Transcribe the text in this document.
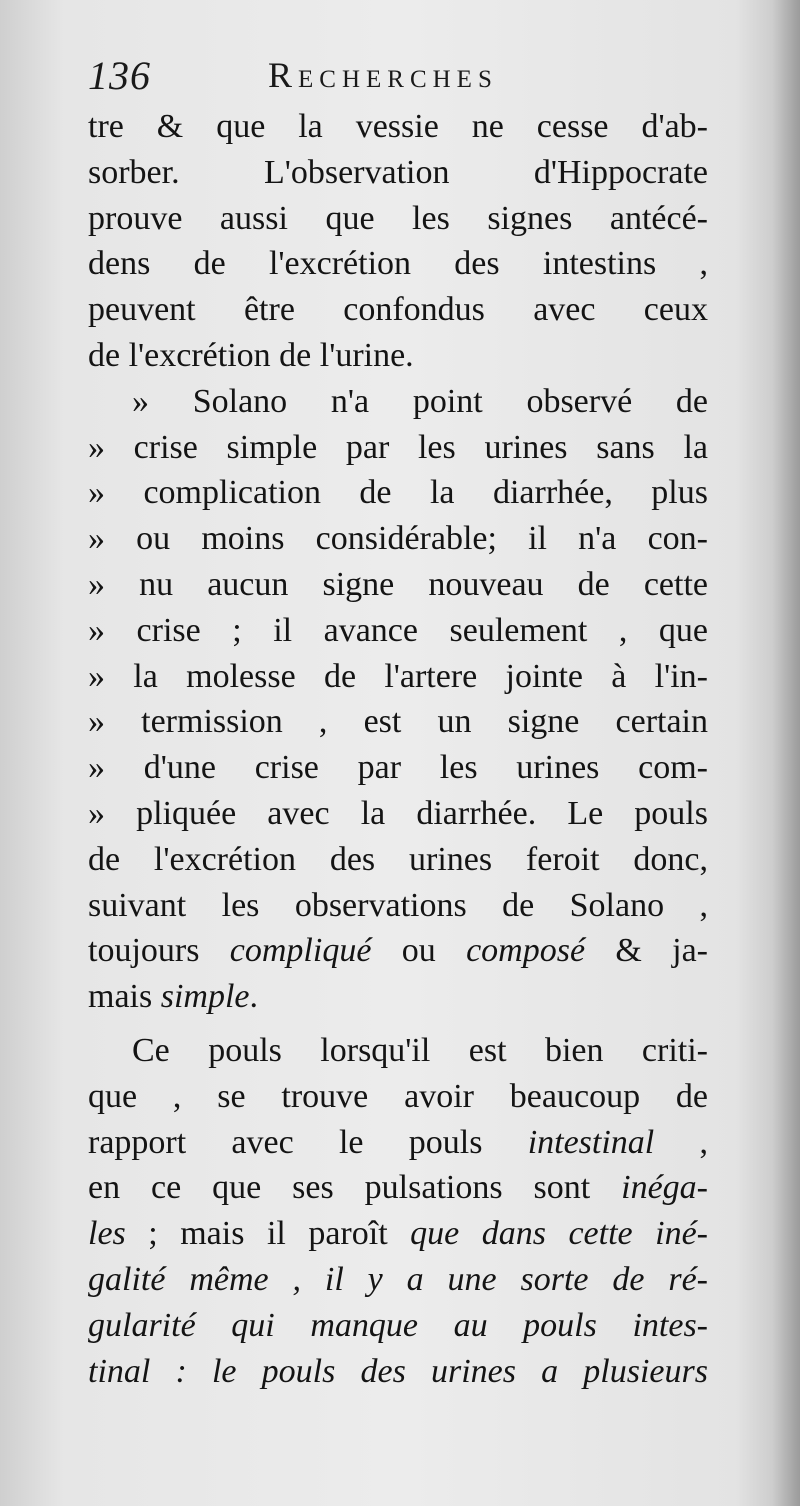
136	Recherches
tre & que la vessie ne cesse d'ab-
sorber. L'observation d'Hippocrate
prouve aussi que les signes antécé-
dens de l'excrétion des intestins ,
peuvent être confondus avec ceux
de l'excrétion de l'urine.
» Solano n'a point observé de
» crise simple par les urines sans la
» complication de la diarrhée, plus
» ou moins considérable; il n'a con-
» nu aucun signe nouveau de cette
» crise ; il avance seulement , que
» la molesse de l'artere jointe à l'in-
» termission , est un signe certain
» d'une crise par les urines com-
» pliquée avec la diarrhée. Le pouls
de l'excrétion des urines feroit donc,
suivant les observations de Solano ,
toujours compliqué ou composé & ja-
mais simple.
Ce pouls lorsqu'il est bien criti-
que , se trouve avoir beaucoup de
rapport avec le pouls intestinal ,
en ce que ses pulsations sont inéga-
les ; mais il paroît que dans cette iné-
galité même , il y a une sorte de ré-
gularité qui manque au pouls intes-
tinal : le pouls des urines a plusieurs
